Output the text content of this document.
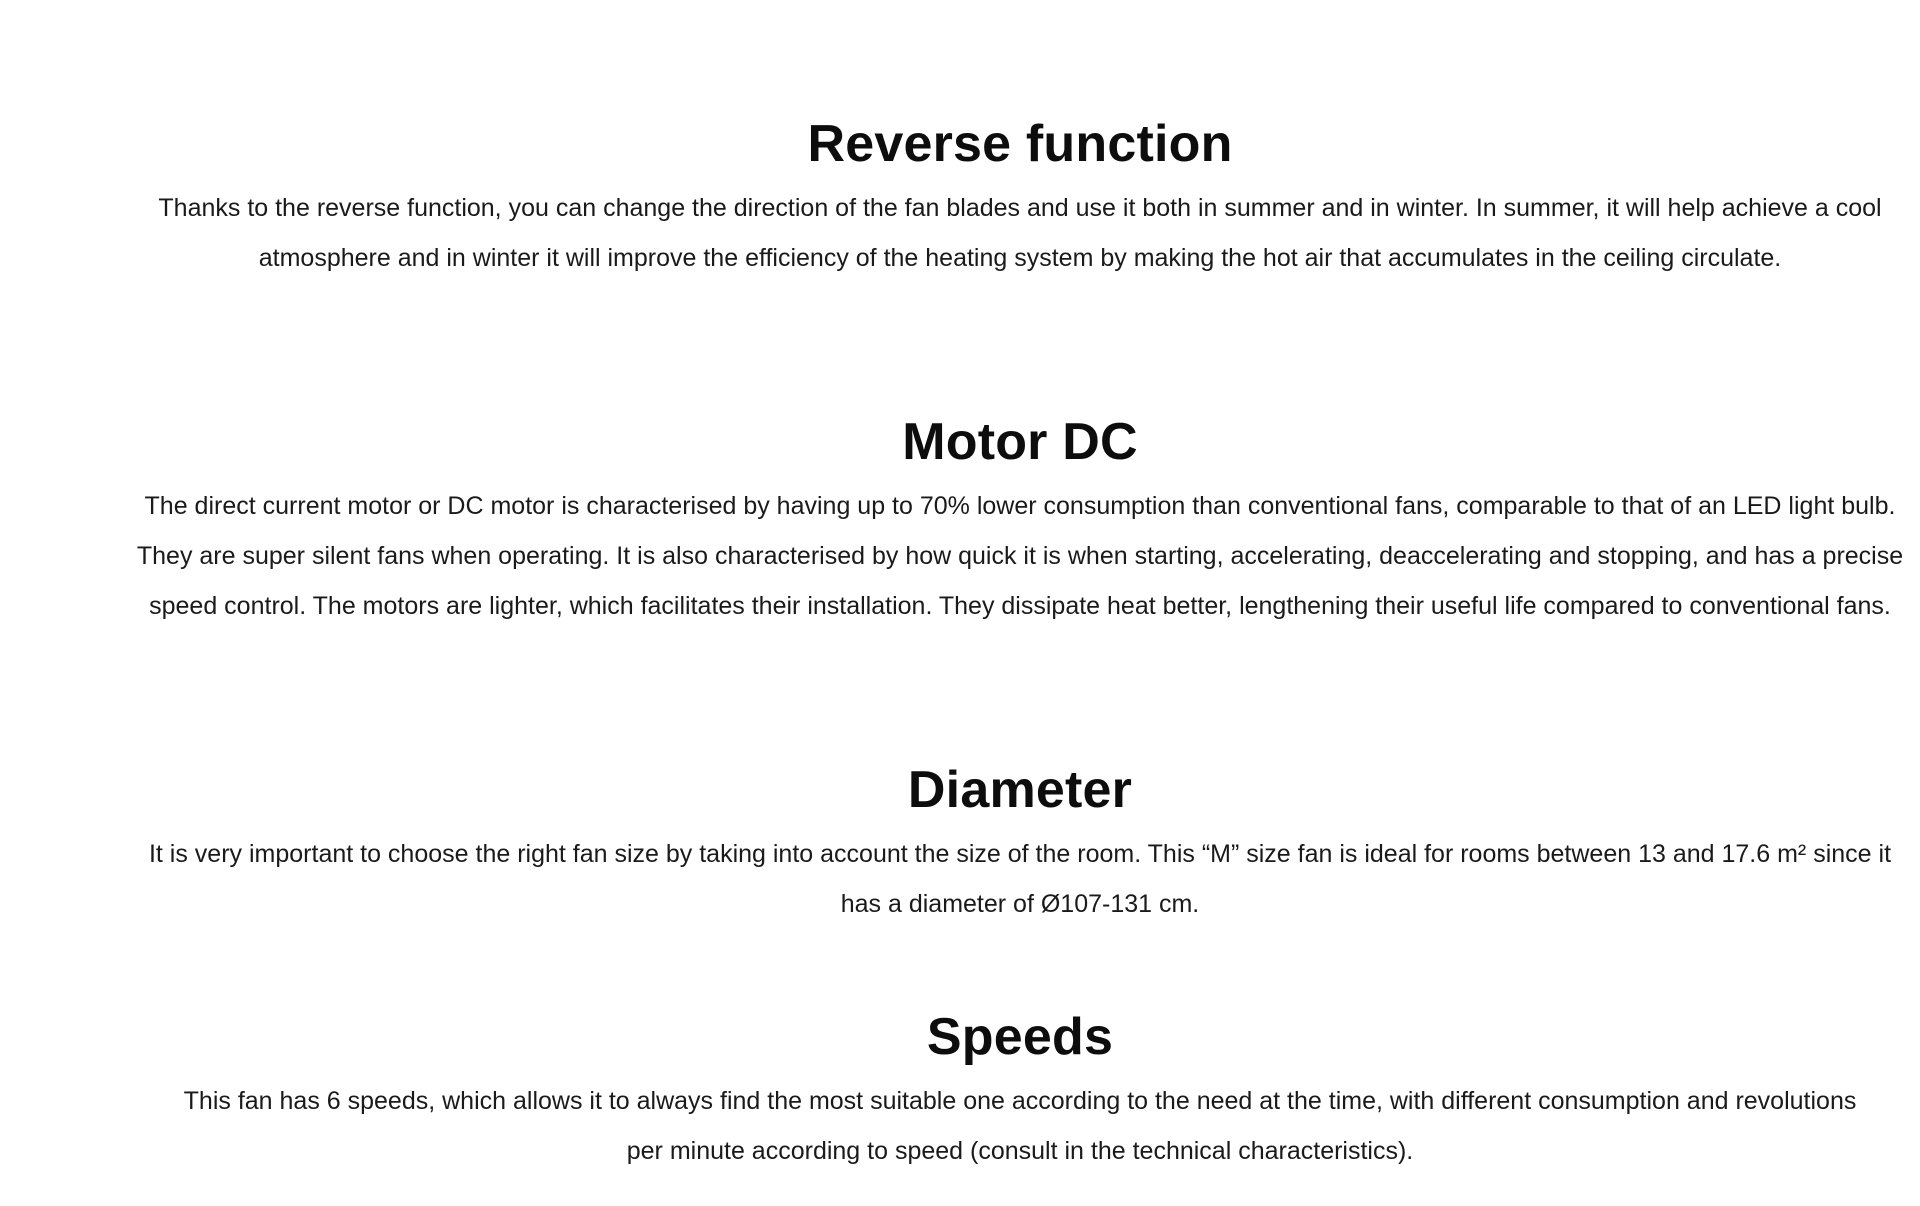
Reverse function

Thanks to the reverse function, you can change the direction of the fan blades and use it both in summer and in winter. In summer, it will help achieve a cool atmosphere and in winter it will improve the efficiency of the heating system by making the hot air that accumulates in the ceiling circulate.

Motor DC

The direct current motor or DC motor is characterised by having up to 70% lower consumption than conventional fans, comparable to that of an LED light bulb. They are super silent fans when operating. It is also characterised by how quick it is when starting, accelerating, deaccelerating and stopping, and has a precise speed control. The motors are lighter, which facilitates their installation. They dissipate heat better, lengthening their useful life compared to conventional fans.

Diameter

It is very important to choose the right fan size by taking into account the size of the room. This “M” size fan is ideal for rooms between 13 and 17.6 m² since it has a diameter of Ø107-131 cm.

Speeds

This fan has 6 speeds, which allows it to always find the most suitable one according to the need at the time, with different consumption and revolutions per minute according to speed (consult in the technical characteristics).
